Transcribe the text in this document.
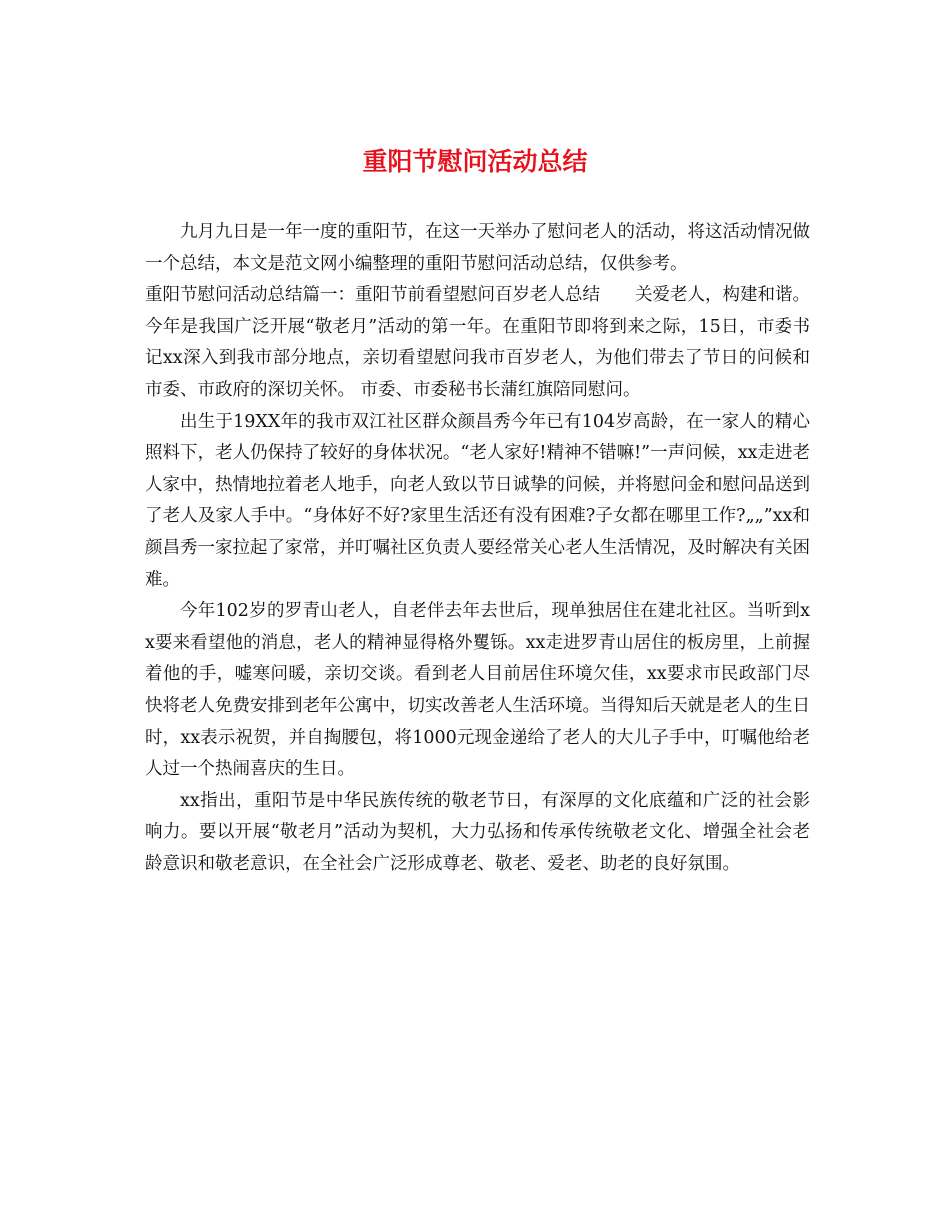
重阳节慰问活动总结

九月九日是一年一度的重阳节，在这一天举办了慰问老人的活动，将这活动情况做一个总结，本文是范文网小编整理的重阳节慰问活动总结，仅供参考。

重阳节慰问活动总结篇一：重阳节前看望慰问百岁老人总结　　关爱老人，构建和谐。今年是我国广泛开展“敬老月”活动的第一年。在重阳节即将到来之际，15日，市委书记xx深入到我市部分地点，亲切看望慰问我市百岁老人，为他们带去了节日的问候和市委、市政府的深切关怀。 市委、市委秘书长蒲红旗陪同慰问。

出生于19XX年的我市双江社区群众颜昌秀今年已有104岁高龄，在一家人的精心照料下，老人仍保持了较好的身体状况。“老人家好!精神不错嘛!”一声问候，xx走进老人家中，热情地拉着老人地手，向老人致以节日诚挚的问候，并将慰问金和慰问品送到了老人及家人手中。“身体好不好?家里生活还有没有困难?子女都在哪里工作?„„”xx和颜昌秀一家拉起了家常，并叮嘱社区负责人要经常关心老人生活情况，及时解决有关困难。

今年102岁的罗青山老人，自老伴去年去世后，现单独居住在建北社区。当听到xx要来看望他的消息，老人的精神显得格外矍铄。xx走进罗青山居住的板房里，上前握着他的手，嘘寒问暖，亲切交谈。看到老人目前居住环境欠佳，xx要求市民政部门尽快将老人免费安排到老年公寓中，切实改善老人生活环境。当得知后天就是老人的生日时，xx表示祝贺，并自掏腰包，将1000元现金递给了老人的大儿子手中，叮嘱他给老人过一个热闹喜庆的生日。

xx指出，重阳节是中华民族传统的敬老节日，有深厚的文化底蕴和广泛的社会影响力。要以开展“敬老月”活动为契机，大力弘扬和传承传统敬老文化、增强全社会老龄意识和敬老意识，在全社会广泛形成尊老、敬老、爱老、助老的良好氛围。
